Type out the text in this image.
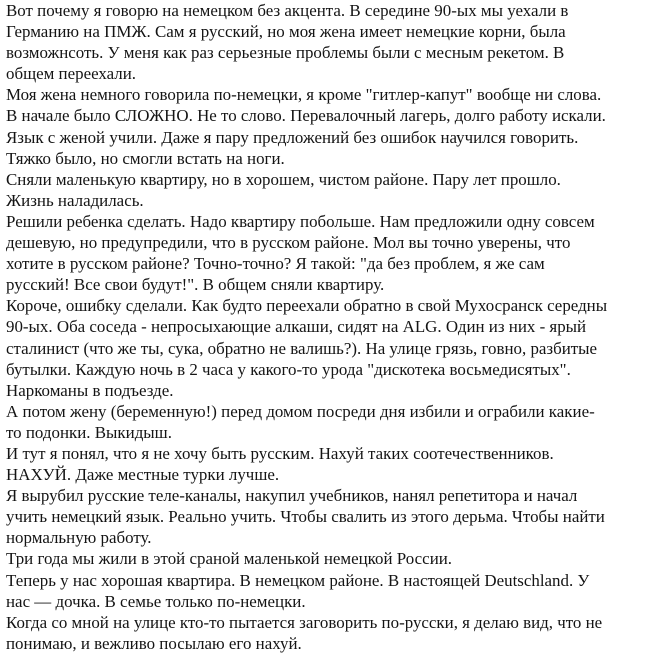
Вот почему я говорю на немецком без акцента. В середине 90-ых мы уехали в
Германию на ПМЖ. Сам я русский, но моя жена имеет немецкие корни, была
возможнсоть. У меня как раз серьезные проблемы были с месным рекетом. В
общем переехали.
Моя жена немного говорила по-немецки, я кроме "гитлер-капут" вообще ни слова.
В начале было СЛОЖНО. Не то слово. Перевалочный лагерь, долго работу искали.
Язык с женой учили. Даже я пару предложений без ошибок научился говорить.
Тяжко было, но смогли встать на ноги.
Сняли маленькую квартиру, но в хорошем, чистом районе. Пару лет прошло.
Жизнь наладилась.
Решили ребенка сделать. Надо квартиру побольше. Нам предложили одну совсем
дешевую, но предупредили, что в русском районе. Мол вы точно уверены, что
хотите в русском районе? Точно-точно? Я такой: "да без проблем, я же сам
русский! Все свои будут!". В общем сняли квартиру.
Короче, ошибку сделали. Как будто переехали обратно в свой Мухосранск середны
90-ых. Оба соседа - непросыхающие алкаши, сидят на ALG. Один из них - ярый
сталинист (что же ты, сука, обратно не валишь?). На улице грязь, говно, разбитые
бутылки. Каждую ночь в 2 часа у какого-то урода "дискотека восьмедисятых".
Наркоманы в подъезде.
А потом жену (беременную!) перед домом посреди дня избили и ограбили какие-
то подонки. Выкидыш.
И тут я понял, что я не хочу быть русским. Нахуй таких соотечественников.
НАХУЙ. Даже местные турки лучше.
Я вырубил русские теле-каналы, накупил учебников, нанял репетитора и начал
учить немецкий язык. Реально учить. Чтобы свалить из этого дерьма. Чтобы найти
нормальную работу.
Три года мы жили в этой сраной маленькой немецкой России.
Теперь у нас хорошая квартира. В немецком районе. В настоящей Deutschland. У
нас — дочка. В семье только по-немецки.
Когда со мной на улице кто-то пытается заговорить по-русски, я делаю вид, что не
понимаю, и вежливо посылаю его нахуй.
